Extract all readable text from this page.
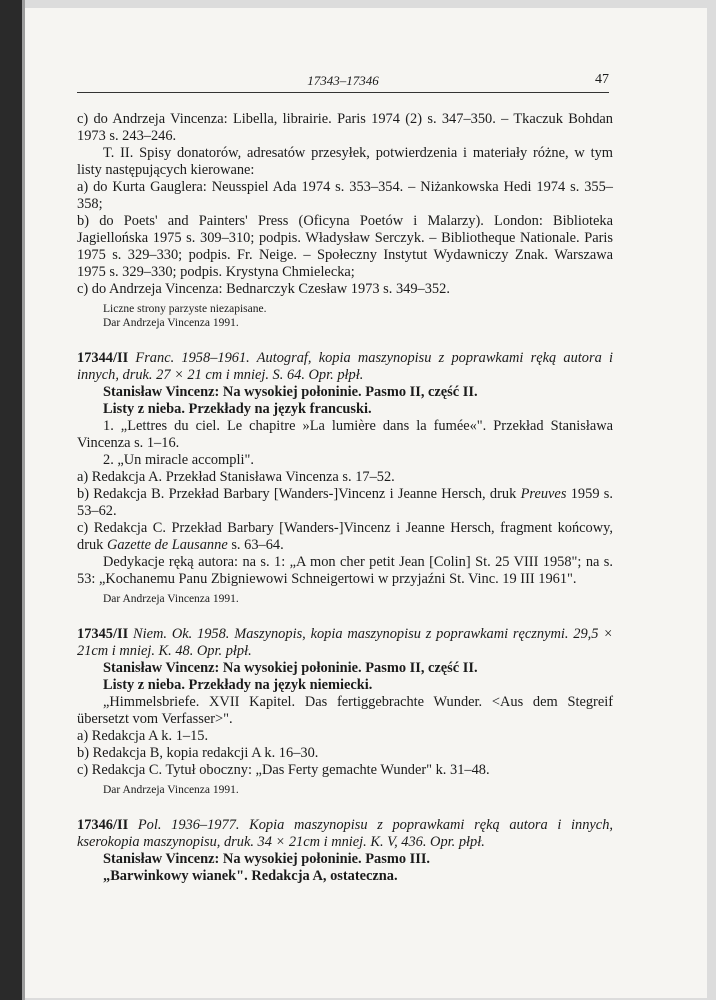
17343–17346	47

c) do Andrzeja Vincenza: Libella, librairie. Paris 1974 (2) s. 347–350. – Tkaczuk Bohdan 1973 s. 243–246.

T. II. Spisy donatorów, adresatów przesyłek, potwierdzenia i materiały różne, w tym listy następujących kierowane:

a) do Kurta Gauglera: Neusspiel Ada 1974 s. 353–354. – Niżankowska Hedi 1974 s. 355–358;

b) do Poets' and Painters' Press (Oficyna Poetów i Malarzy). London: Biblioteka Jagiellońska 1975 s. 309–310; podpis. Władysław Serczyk. – Bibliotheque Nationale. Paris 1975 s. 329–330; podpis. Fr. Neige. – Społeczny Instytut Wydawniczy Znak. Warszawa 1975 s. 329–330; podpis. Krystyna Chmielecka;

c) do Andrzeja Vincenza: Bednarczyk Czesław 1973 s. 349–352.

Liczne strony parzyste niezapisane.

Dar Andrzeja Vincenza 1991.

17344/II Franc. 1958–1961. Autograf, kopia maszynopisu z poprawkami ręką autora i innych, druk. 27 × 21 cm i mniej. S. 64. Opr. płpł.

Stanisław Vincenz: Na wysokiej połoninie. Pasmo II, część II.

Listy z nieba. Przekłady na język francuski.

1. „Lettres du ciel. Le chapitre »La lumière dans la fumée«". Przekład Stanisława Vincenza s. 1–16.

2. „Un miracle accompli".

a) Redakcja A. Przekład Stanisława Vincenza s. 17–52.

b) Redakcja B. Przekład Barbary [Wanders-]Vincenz i Jeanne Hersch, druk Preuves 1959 s. 53–62.

c) Redakcja C. Przekład Barbary [Wanders-]Vincenz i Jeanne Hersch, fragment końcowy, druk Gazette de Lausanne s. 63–64.

Dedykacje ręką autora: na s. 1: „A mon cher petit Jean [Colin] St. 25 VIII 1958"; na s. 53: „Kochanemu Panu Zbigniewowi Schneigertowi w przyjaźni St. Vinc. 19 III 1961".

Dar Andrzeja Vincenza 1991.

17345/II Niem. Ok. 1958. Maszynopis, kopia maszynopisu z poprawkami ręcznymi. 29,5 × 21cm i mniej. K. 48. Opr. płpł.

Stanisław Vincenz: Na wysokiej połoninie. Pasmo II, część II.

Listy z nieba. Przekłady na język niemiecki.

„Himmelsbriefe. XVII Kapitel. Das fertiggebrachte Wunder. <Aus dem Stegreif übersetzt vom Verfasser>".

a) Redakcja A k. 1–15.

b) Redakcja B, kopia redakcji A k. 16–30.

c) Redakcja C. Tytuł oboczny: „Das Ferty gemachte Wunder" k. 31–48.

Dar Andrzeja Vincenza 1991.

17346/II Pol. 1936–1977. Kopia maszynopisu z poprawkami ręką autora i innych, kserokopia maszynopisu, druk. 34 × 21cm i mniej. K. V, 436. Opr. płpł.

Stanisław Vincenz: Na wysokiej połoninie. Pasmo III.

„Barwinkowy wianek". Redakcja A, ostateczna.
